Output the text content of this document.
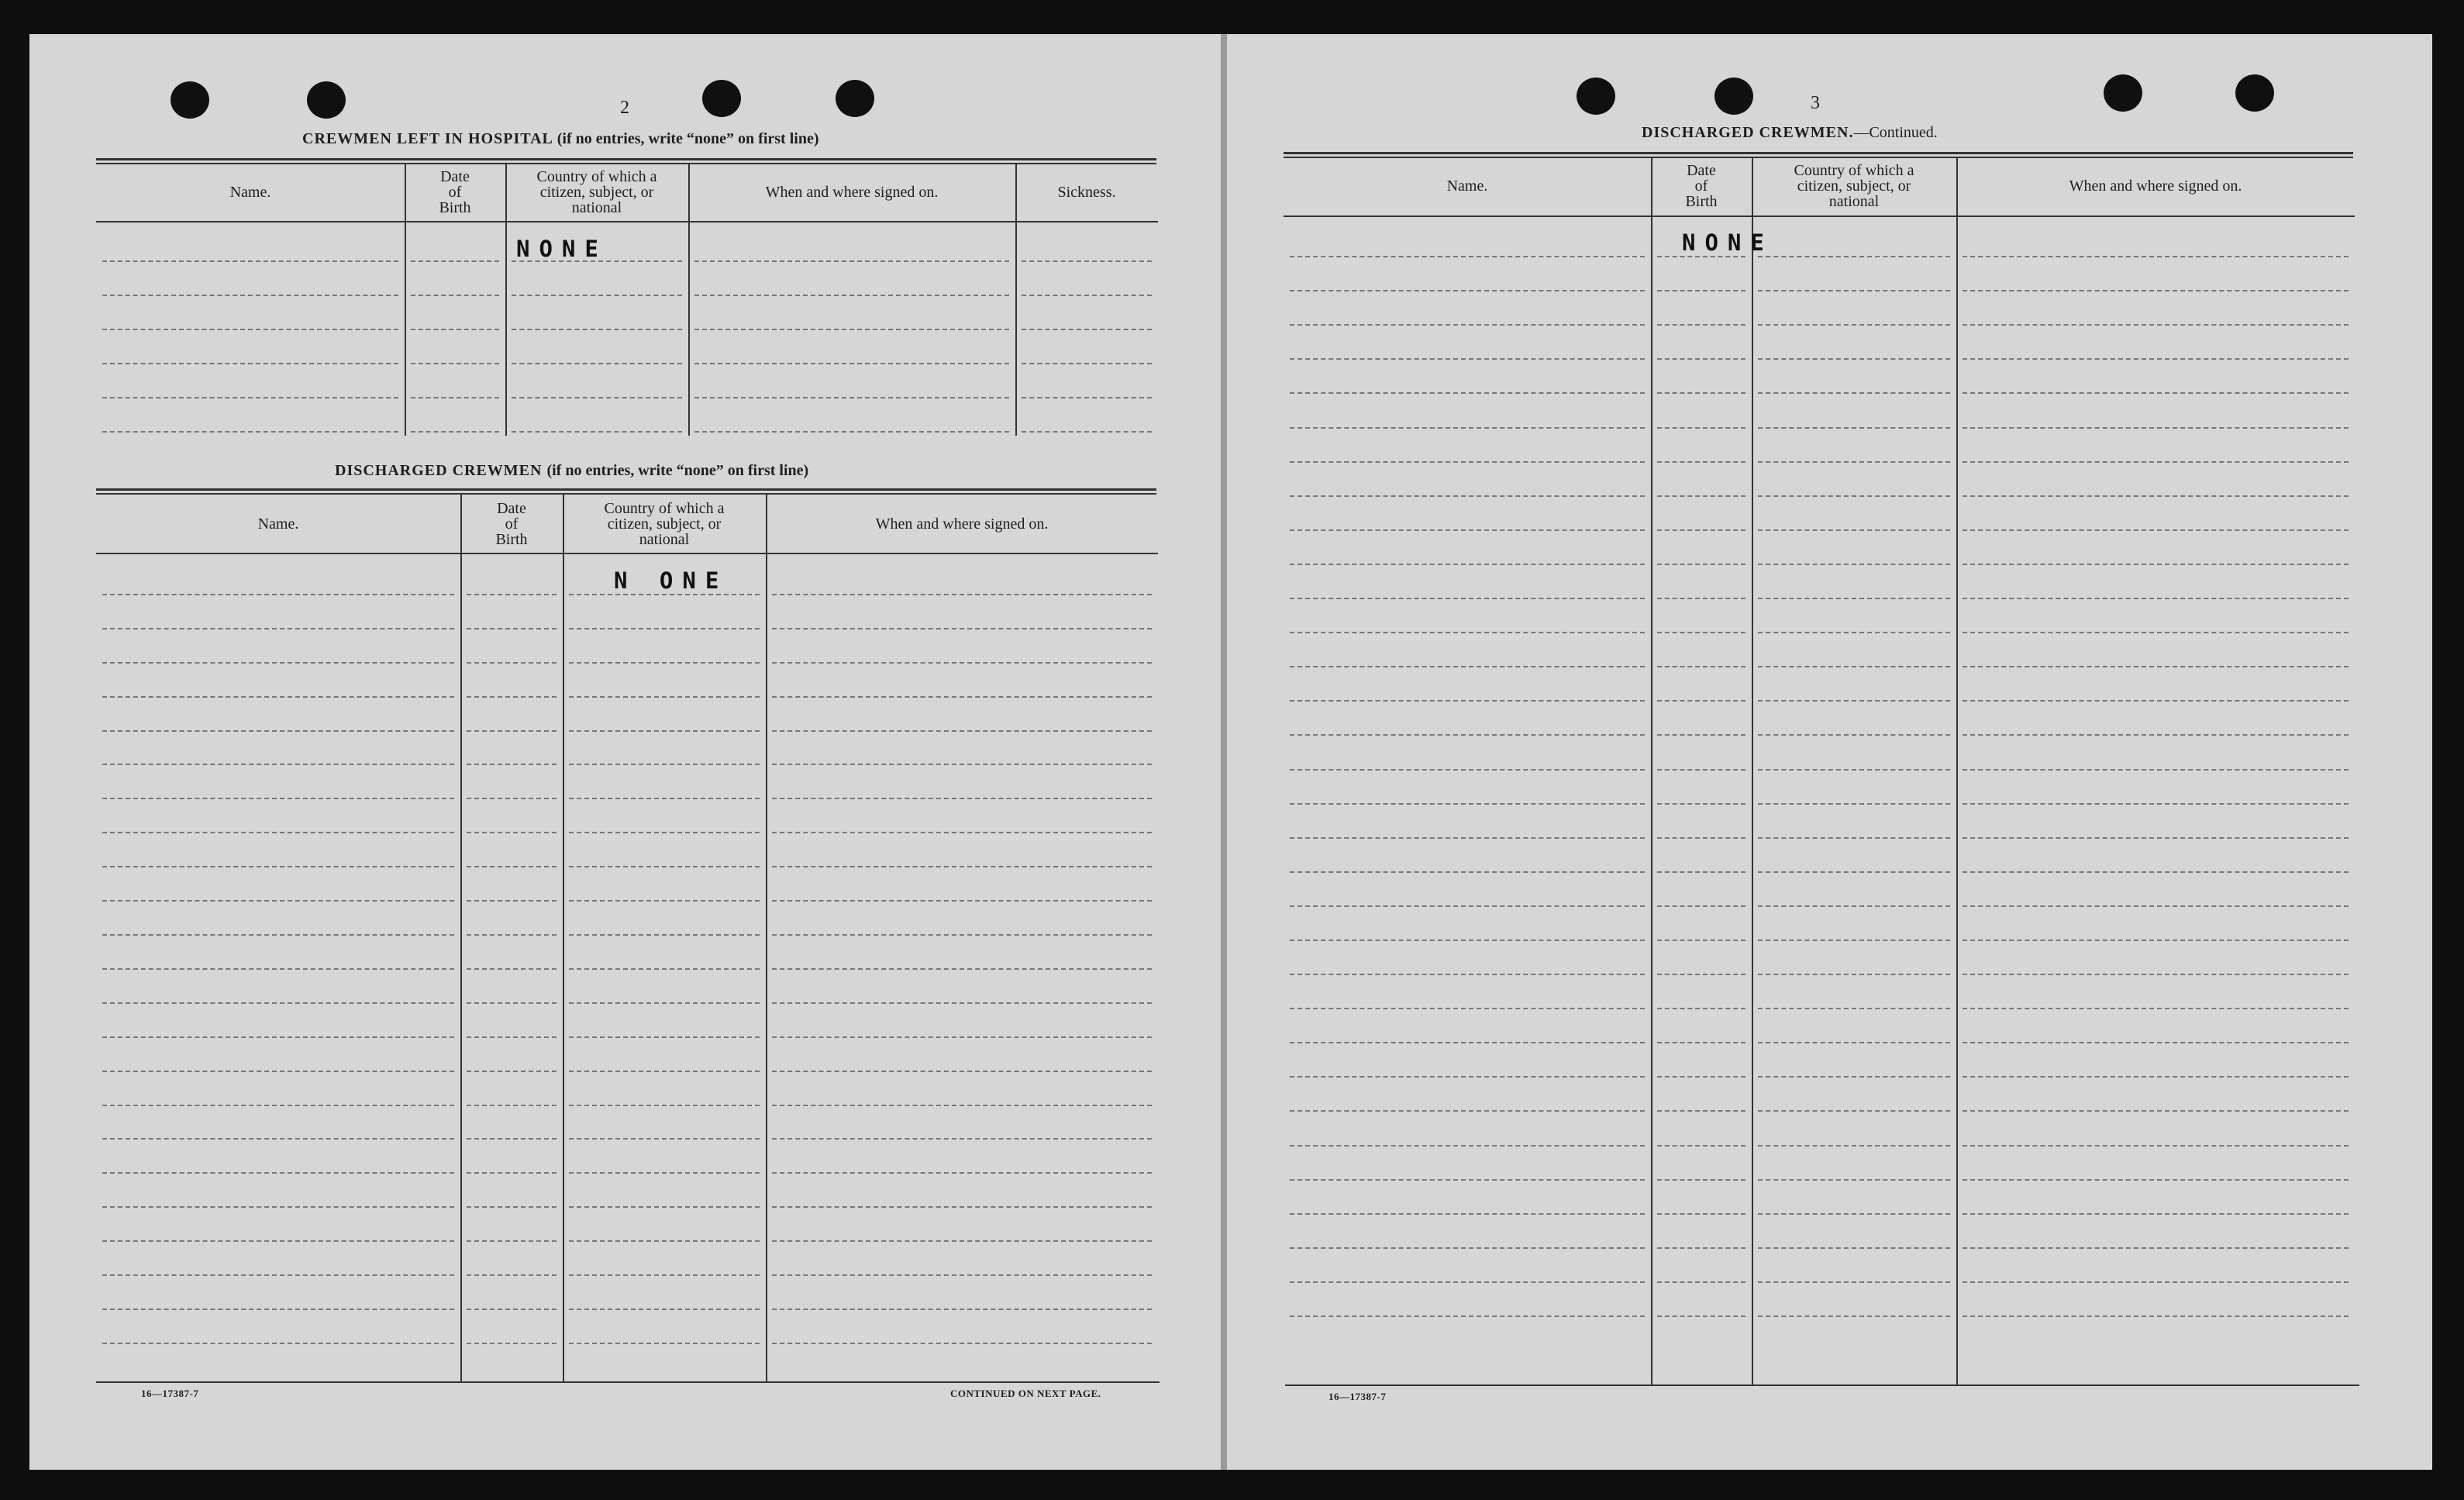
2
CREWMEN LEFT IN HOSPITAL (if no entries, write “none” on first line)
Name.
Date
of
Birth
Country of which a
citizen, subject, or
national
When and where signed on.	Sickness.
NONE
DISCHARGED CREWMEN (if no entries, write “none” on first line)
Name.
Date
of
Birth
Country of which a
citizen, subject, or
national
When and where signed on.
N ONE
16—17387-7	CONTINUED ON NEXT PAGE.
3
DISCHARGED CREWMEN.—Continued.
Name.
Date
of
Birth
Country of which a
citizen, subject, or
national
When and where signed on.
NONE
16—17387-7
